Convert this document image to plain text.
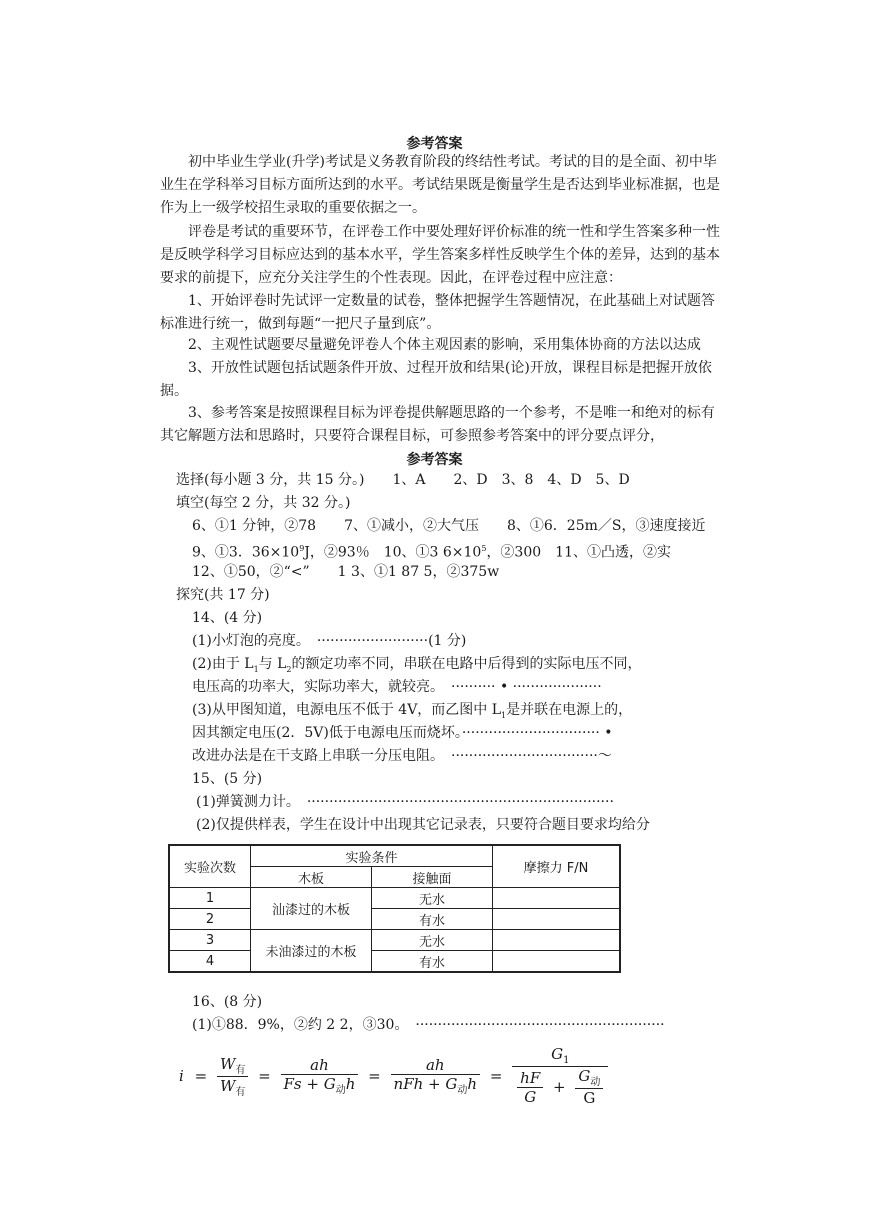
参考答案

初中毕业生学业(升学)考试是义务教育阶段的终结性考试。考试的目的是全面、初中毕业生在学科举习目标方面所达到的水平。考试结果既是衡量学生是否达到毕业标准据，也是作为上一级学校招生录取的重要依据之一。

评卷是考试的重要环节，在评卷工作中要处理好评价标准的统一性和学生答案多种一性是反映学科学习目标应达到的基本水平，学生答案多样性反映学生个体的差异，达到的基本要求的前提下，应充分关注学生的个性表现。因此，在评卷过程中应注意：

1、开始评卷时先试评一定数量的试卷，整体把握学生答题情况，在此基础上对试题答标准进行统一，做到每题“一把尺子量到底”。

2、主观性试题要尽量避免评卷人个体主观因素的影响，采用集体协商的方法以达成

3、开放性试题包括试题条件开放、过程开放和结果(论)开放，课程目标是把握开放依据。

3、参考答案是按照课程目标为评卷提供解题思路的一个参考，不是唯一和绝对的标有其它解题方法和思路时，只要符合课程目标，可参照参考答案中的评分要点评分，

参考答案
选择(每小题 3 分，共 15 分。)　　1、A　　2、D　3、8　4、D　5、D
填空(每空 2 分，共 32 分。)
6、①1 分钟，②78　　7、①减小，②大气压　　8、①6．25m／S，③速度接近
9、①3．$36\times 10^9J$，②93％　10、①3 $6\times 10^5$，②300　11、①凸透，②实
12、①50，②“<”　　1 3、①1 87 5，②375w
探究(共 17 分)
14、(4 分)
(1)小灯泡的亮度。　·························(1 分)
(2)由于 $L_1$与 $L_2$的额定功率不同，串联在电路中后得到的实际电压不同，
电压高的功率大，实际功率大，就较亮。　·········· • ····················
(3)从甲图知道，电源电压不低于 4V，而乙图中 $L_1$是并联在电源上的，
因其额定电压(2．5V)低于电源电压而烧坏。······························· •
改进办法是在干支路上串联一分压电阻。　·································～
15、(5 分)
(1)弹簧测力计。　·····································································
(2)仅提供样表，学生在设计中出现其它记录表，只要符合题目要求均给分
实验次数	实验条件		摩擦力 F/N
	木板	接触面	
1	汕漆过的木板	无水	
2		有水	
3	未油漆过的木板	无水	
4		有水	
16、(8 分)
(1)①88．9%，②约 2 2，③30。　························································
$i = \frac{W_有}{W_有} = \frac{ah}{Fs + G_动h} = \frac{ah}{nFh + G_动h}$ =
$G_1$
$\frac{hF}{G} + \frac{G_动}{G}$
